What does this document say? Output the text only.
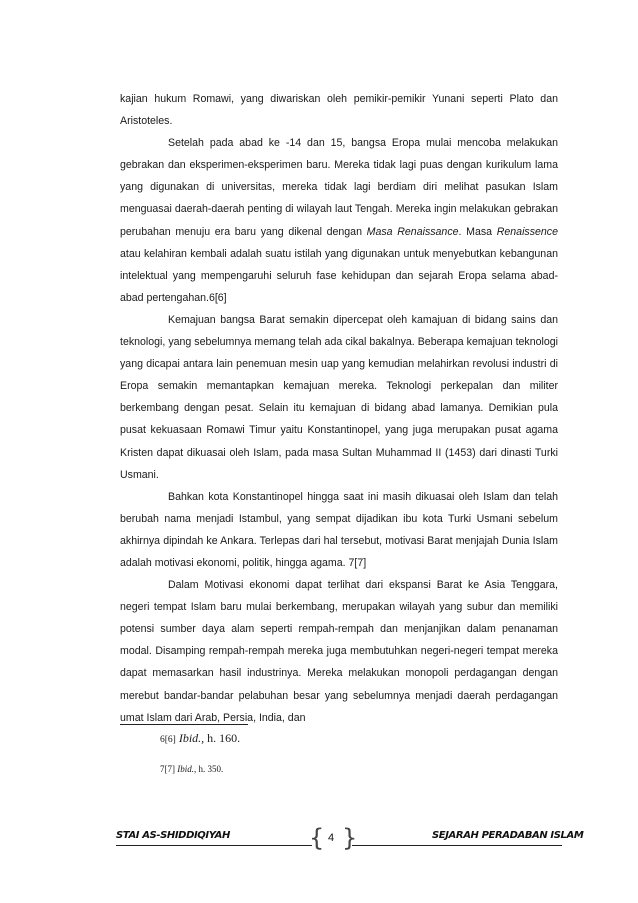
kajian hukum Romawi, yang diwariskan oleh pemikir-pemikir Yunani seperti Plato dan Aristoteles.

Setelah pada abad ke -14 dan 15, bangsa Eropa mulai mencoba melakukan gebrakan dan eksperimen-eksperimen baru. Mereka tidak lagi puas dengan kurikulum lama yang digunakan di universitas, mereka tidak lagi berdiam diri melihat pasukan Islam menguasai daerah-daerah penting di wilayah laut Tengah. Mereka ingin melakukan gebrakan perubahan menuju era baru yang dikenal dengan Masa Renaissance. Masa Renaissence atau kelahiran kembali adalah suatu istilah yang digunakan untuk menyebutkan kebangunan intelektual yang mempengaruhi seluruh fase kehidupan dan sejarah Eropa selama abad-abad pertengahan.6[6]

Kemajuan bangsa Barat semakin dipercepat oleh kamajuan di bidang sains dan teknologi, yang sebelumnya memang telah ada cikal bakalnya. Beberapa kemajuan teknologi yang dicapai antara lain penemuan mesin uap yang kemudian melahirkan revolusi industri di Eropa semakin memantapkan kemajuan mereka. Teknologi perkepalan dan militer berkembang dengan pesat. Selain itu kemajuan di bidang abad lamanya. Demikian pula pusat kekuasaan Romawi Timur yaitu Konstantinopel, yang juga merupakan pusat agama Kristen dapat dikuasai oleh Islam, pada masa Sultan Muhammad II (1453) dari dinasti Turki Usmani.

Bahkan kota Konstantinopel hingga saat ini masih dikuasai oleh Islam dan telah berubah nama menjadi Istambul, yang sempat dijadikan ibu kota Turki Usmani sebelum akhirnya dipindah ke Ankara. Terlepas dari hal tersebut, motivasi Barat menjajah Dunia Islam adalah motivasi ekonomi, politik, hingga agama. 7[7]

Dalam Motivasi ekonomi dapat terlihat dari ekspansi Barat ke Asia Tenggara, negeri tempat Islam baru mulai berkembang, merupakan wilayah yang subur dan memiliki potensi sumber daya alam seperti rempah-rempah dan menjanjikan dalam penanaman modal. Disamping rempah-rempah mereka juga membutuhkan negeri-negeri tempat mereka dapat memasarkan hasil industrinya. Mereka melakukan monopoli perdagangan dengan merebut bandar-bandar pelabuhan besar yang sebelumnya menjadi daerah perdagangan umat Islam dari Arab, Persia, India, dan

6[6] Ibid., h. 160.
7[7] Ibid., h. 350.
STAI AS-SHIDDIQIYAH	{ 4 }	SEJARAH PERADABAN ISLAM
